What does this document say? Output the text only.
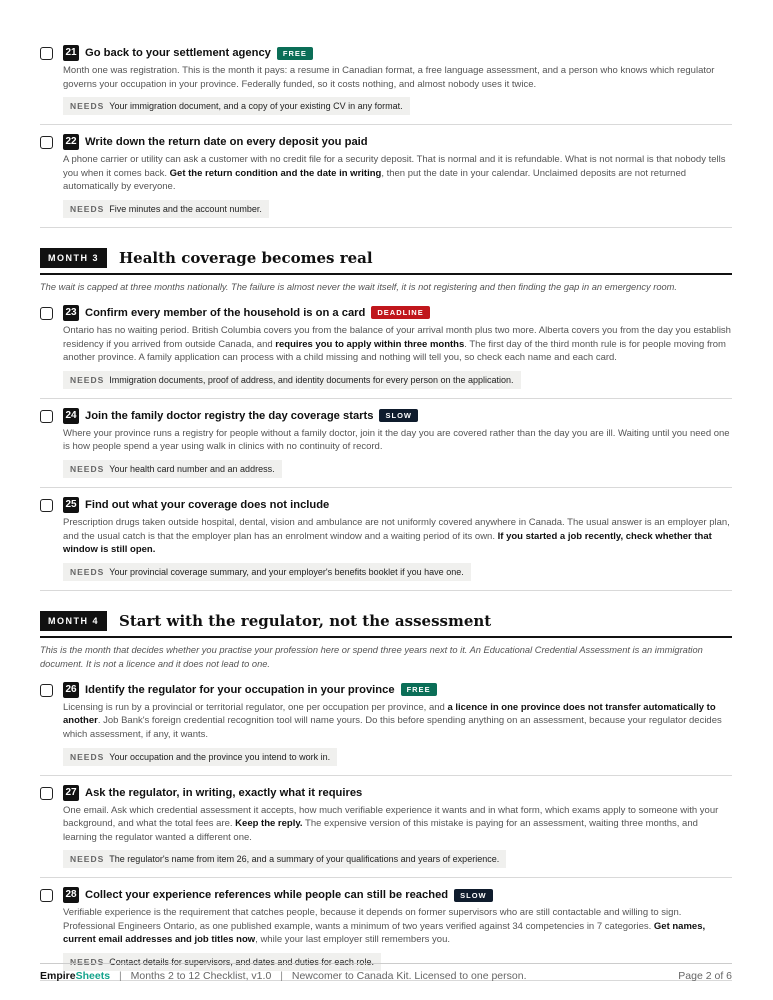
21 Go back to your settlement agency	FREE
Month one was registration. This is the month it pays: a resume in Canadian format, a free language assessment, and a person who knows which regulator governs your occupation in your province. Federally funded, so it costs nothing, and almost nobody uses it twice.
NEEDS Your immigration document, and a copy of your existing CV in any format.
22 Write down the return date on every deposit you paid
A phone carrier or utility can ask a customer with no credit file for a security deposit. That is normal and it is refundable. What is not normal is that nobody tells you when it comes back. Get the return condition and the date in writing, then put the date in your calendar. Unclaimed deposits are not returned automatically by everyone.
NEEDS Five minutes and the account number.
MONTH 3	Health coverage becomes real
The wait is capped at three months nationally. The failure is almost never the wait itself, it is not registering and then finding the gap in an emergency room.
23 Confirm every member of the household is on a card	DEADLINE
Ontario has no waiting period. British Columbia covers you from the balance of your arrival month plus two more. Alberta covers you from the day you establish residency if you arrived from outside Canada, and requires you to apply within three months. The first day of the third month rule is for people moving from another province. A family application can process with a child missing and nothing will tell you, so check each name and each card.
NEEDS Immigration documents, proof of address, and identity documents for every person on the application.
24 Join the family doctor registry the day coverage starts	SLOW
Where your province runs a registry for people without a family doctor, join it the day you are covered rather than the day you are ill. Waiting until you need one is how people spend a year using walk in clinics with no continuity of record.
NEEDS Your health card number and an address.
25 Find out what your coverage does not include
Prescription drugs taken outside hospital, dental, vision and ambulance are not uniformly covered anywhere in Canada. The usual answer is an employer plan, and the usual catch is that the employer plan has an enrolment window and a waiting period of its own. If you started a job recently, check whether that window is still open.
NEEDS Your provincial coverage summary, and your employer's benefits booklet if you have one.
MONTH 4	Start with the regulator, not the assessment
This is the month that decides whether you practise your profession here or spend three years next to it. An Educational Credential Assessment is an immigration document. It is not a licence and it does not lead to one.
26 Identify the regulator for your occupation in your province	FREE
Licensing is run by a provincial or territorial regulator, one per occupation per province, and a licence in one province does not transfer automatically to another. Job Bank's foreign credential recognition tool will name yours. Do this before spending anything on an assessment, because your regulator decides which assessment, if any, it wants.
NEEDS Your occupation and the province you intend to work in.
27 Ask the regulator, in writing, exactly what it requires
One email. Ask which credential assessment it accepts, how much verifiable experience it wants and in what form, which exams apply to someone with your background, and what the total fees are. Keep the reply. The expensive version of this mistake is paying for an assessment, waiting three months, and learning the regulator wanted a different one.
NEEDS The regulator's name from item 26, and a summary of your qualifications and years of experience.
28 Collect your experience references while people can still be reached	SLOW
Verifiable experience is the requirement that catches people, because it depends on former supervisors who are still contactable and willing to sign. Professional Engineers Ontario, as one published example, wants a minimum of two years verified against 34 competencies in 7 categories. Get names, current email addresses and job titles now, while your last employer still remembers you.
NEEDS Contact details for supervisors, and dates and duties for each role.
EmpireSheets | Months 2 to 12 Checklist, v1.0 | Newcomer to Canada Kit. Licensed to one person.	Page 2 of 6
